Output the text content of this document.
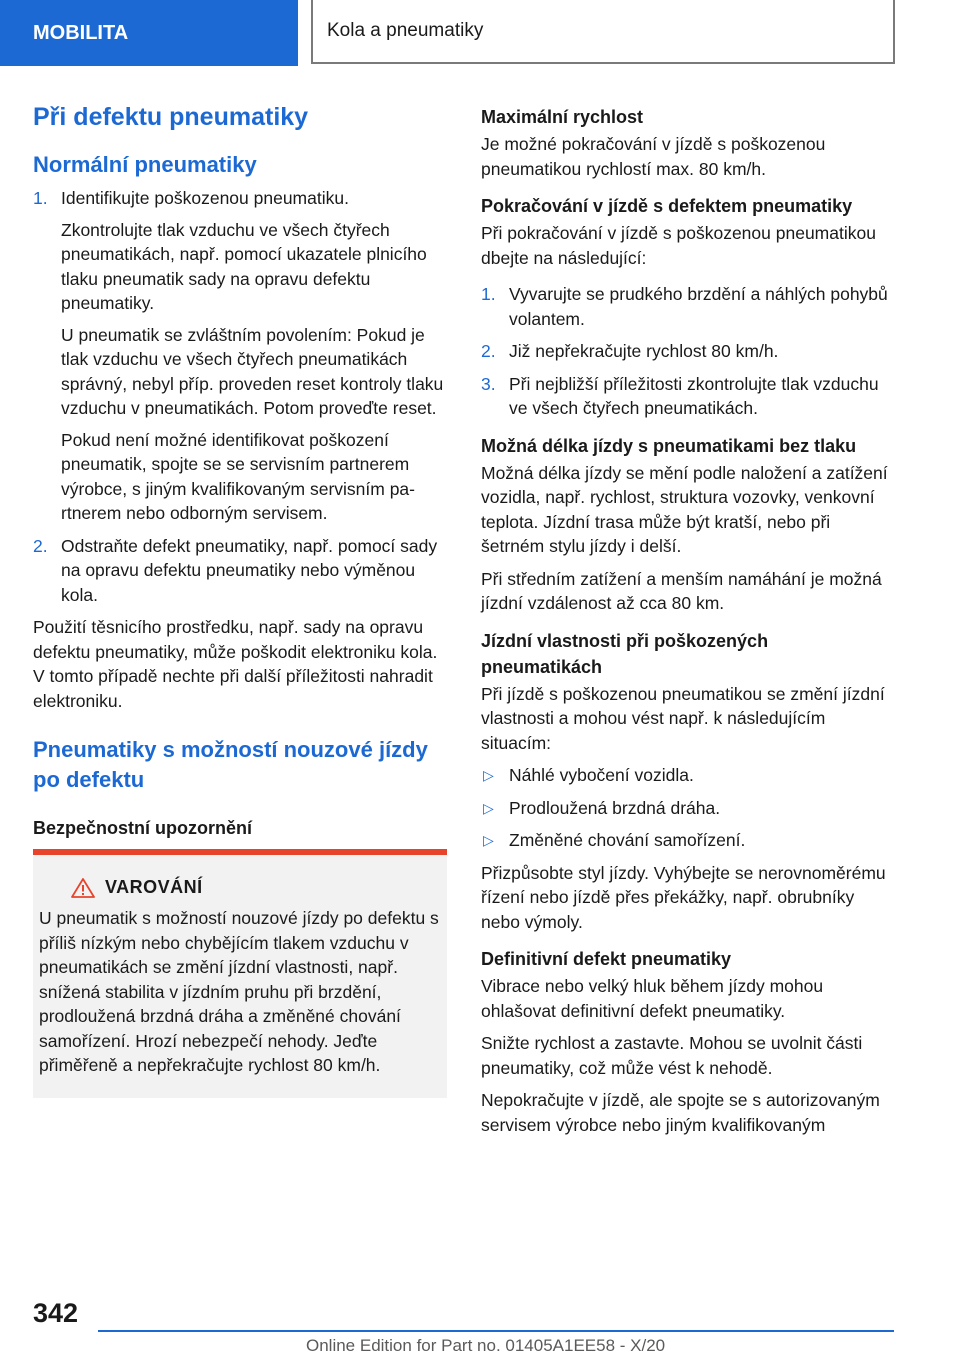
MOBILITA	Kola a pneumatiky
Při defektu pneumatiky
Normální pneumatiky
1. Identifikujte poškozenou pneumatiku.

Zkontrolujte tlak vzduchu ve všech čtyřech pneumatikách, např. pomocí ukazatele plnicího tlaku pneumatik sady na opravu defektu pneumatiky.

U pneumatik se zvláštním povolením: Pokud je tlak vzduchu ve všech čtyřech pneumatikách správný, nebyl příp. proveden reset kontroly tlaku vzduchu v pneumatikách. Potom proveďte reset.

Pokud není možné identifikovat poškození pneumatik, spojte se se servisním partnerem výrobce, s jiným kvalifikovaným servisním partnerem nebo odborným servisem.

2. Odstraňte defekt pneumatiky, např. pomocí sady na opravu defektu pneumatiky nebo výměnou kola.

Použití těsnicího prostředku, např. sady na opravu defektu pneumatiky, může poškodit elektroniku kola. V tomto případě nechte při další příležitosti nahradit elektroniku.

Pneumatiky s možností nouzové jízdy po defektu
Bezpečnostní upozornění
VAROVÁNÍ

U pneumatik s možností nouzové jízdy po defektu s příliš nízkým nebo chybějícím tlakem vzduchu v pneumatikách se změní jízdní vlastnosti, např. snížená stabilita v jízdním pruhu při brzdění, prodloužená brzdná dráha a změněné chování samořízení. Hrozí nebezpečí nehody. Jeďte přiměřeně a nepřekračujte rychlost 80 km/h.

Maximální rychlost

Je možné pokračování v jízdě s poškozenou pneumatikou rychlostí max. 80 km/h.

Pokračování v jízdě s defektem pneumatiky

Při pokračování v jízdě s poškozenou pneumatikou dbejte na následující:

1. Vyvarujte se prudkého brzdění a náhlých pohybů volantem.
2. Již nepřekračujte rychlost 80 km/h.
3. Při nejbližší příležitosti zkontrolujte tlak vzduchu ve všech čtyřech pneumatikách.
Možná délka jízdy s pneumatikami bez tlaku

Možná délka jízdy se mění podle naložení a zatížení vozidla, např. rychlost, struktura vozovky, venkovní teplota. Jízdní trasa může být kratší, nebo při šetrném stylu jízdy i delší.

Při středním zatížení a menším namáhání je možná jízdní vzdálenost až cca 80 km.

Jízdní vlastnosti při poškozených pneumatikách

Při jízdě s poškozenou pneumatikou se změní jízdní vlastnosti a mohou vést např. k následujícím situacím:

▷ Náhlé vybočení vozidla.
▷ Prodloužená brzdná dráha.
▷ Změněné chování samořízení.

Přizpůsobte styl jízdy. Vyhýbejte se nerovnoměrému řízení nebo jízdě přes překážky, např. obrubníky nebo výmoly.

Definitivní defekt pneumatiky

Vibrace nebo velký hluk během jízdy mohou ohlašovat definitivní defekt pneumatiky.

Snižte rychlost a zastavte. Mohou se uvolnit části pneumatiky, což může vést k nehodě.

Nepokračujte v jízdě, ale spojte se s autorizovaným servisem výrobce nebo jiným kvalifikovaným

342
Online Edition for Part no. 01405A1EE58 - X/20
